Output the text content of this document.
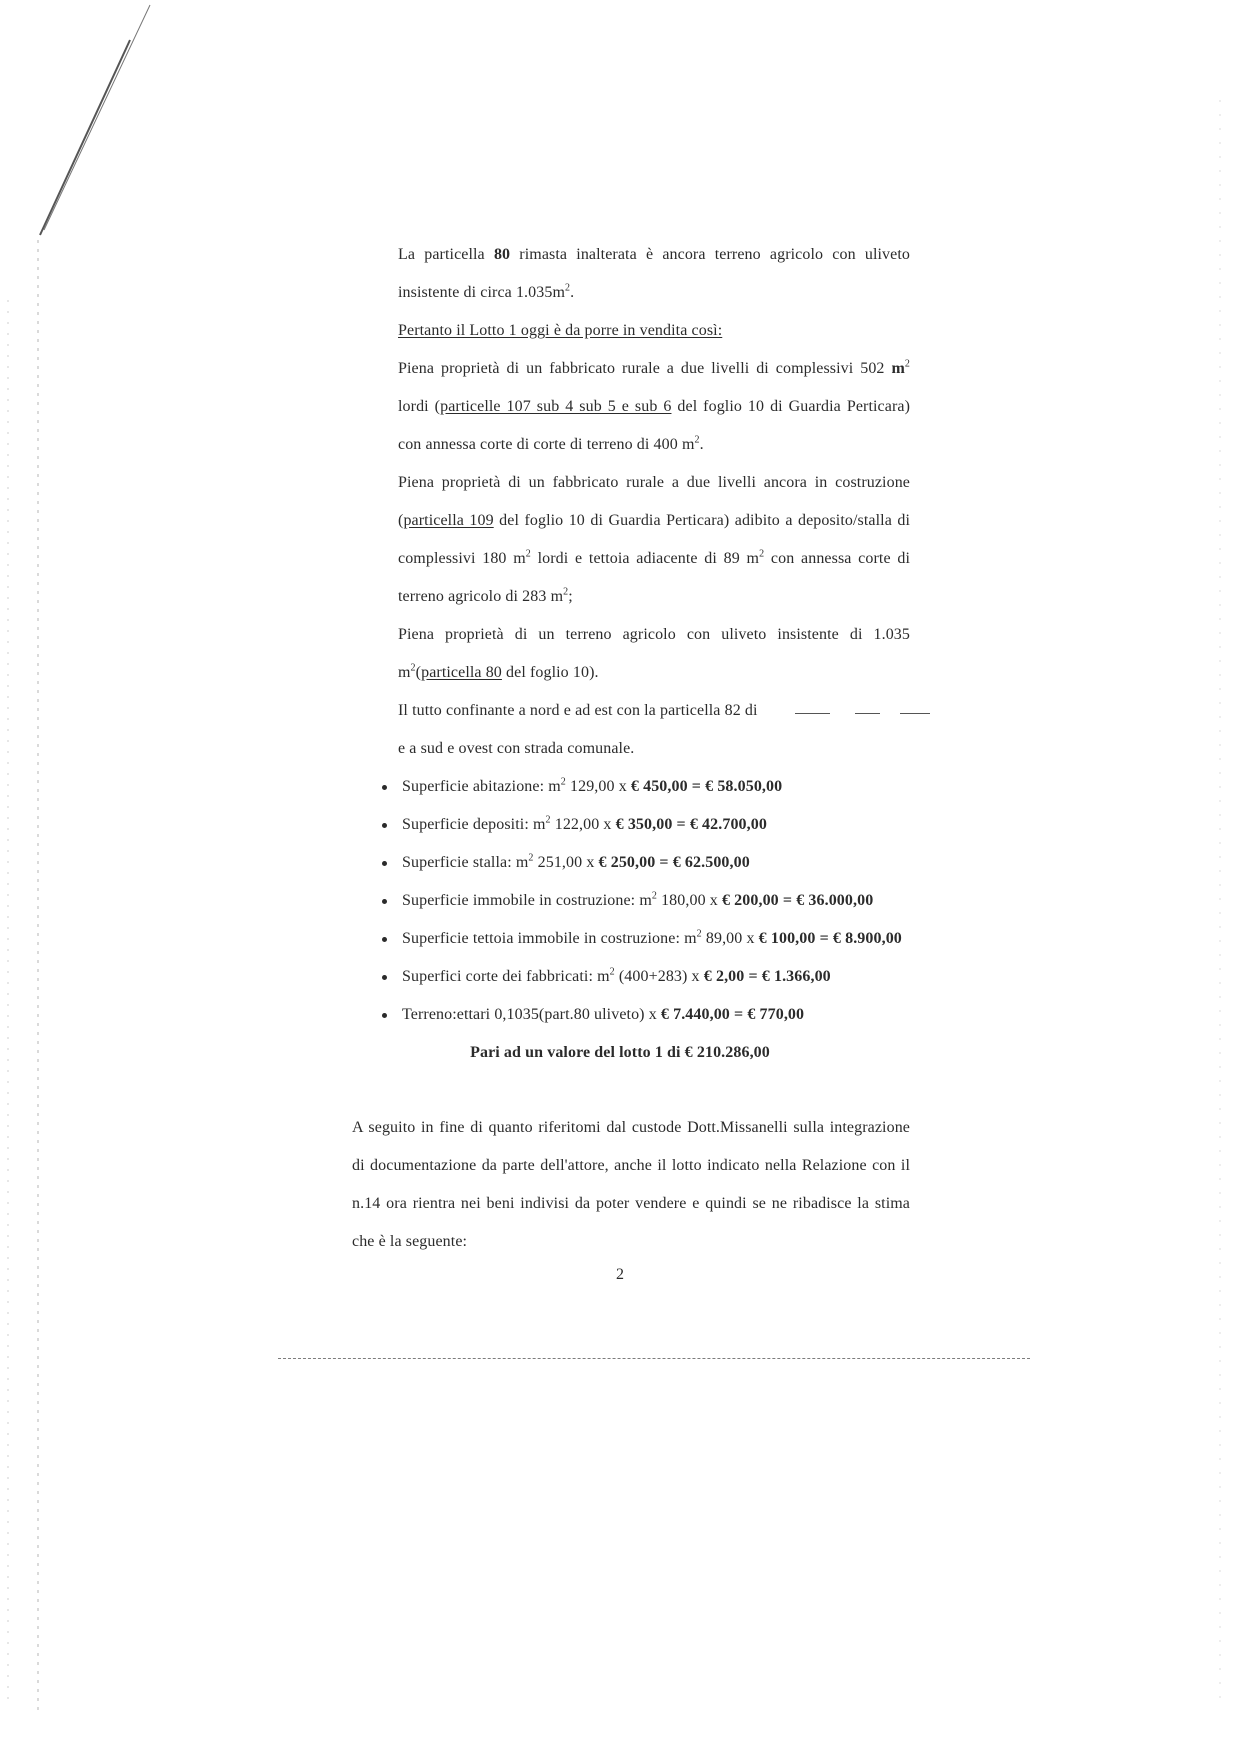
La particella 80 rimasta inalterata è ancora terreno agricolo con uliveto
insistente di circa $1.035m^2$.
Pertanto il Lotto 1 oggi è da porre in vendita così:
Piena proprietà di un fabbricato rurale a due livelli di complessivi 502 $m^2$
lordi (particelle 107 sub 4 sub 5 e sub 6 del foglio 10 di Guardia Perticara)
con annessa corte di corte di terreno di 400 $m^2$.
Piena proprietà di un fabbricato rurale a due livelli ancora in costruzione
(particella 109 del foglio 10 di Guardia Perticara) adibito a deposito/stalla di
complessivi 180 $m^2$ lordi e tettoia adiacente di 89 $m^2$ con annessa corte di
terreno agricolo di 283 $m^2$;
Piena proprietà di un terreno agricolo con uliveto insistente di 1.035
$m^2(particella$ 80 del foglio 10).
Il tutto confinante a nord e ad est con la particella 82 di
e a sud e ovest con strada comunale.
Superficie abitazione: $m^2$ 129,00 x € 450,00 = € 58.050,00
Superficie depositi: $m^2$ 122,00 x € 350,00 = € 42.700,00
Superficie stalla: $m^2$ 251,00 x € 250,00 = € 62.500,00
Superficie immobile in costruzione: $m^2$ 180,00 x € 200,00 = € 36.000,00
Superficie tettoia immobile in costruzione: $m^2$ 89,00 x € 100,00 = € 8.900,00
Superfici corte dei fabbricati: $m^2$ (400+283) x € 2,00 = € 1.366,00
Terreno:ettari 0,1035(part.80 uliveto) x € 7.440,00 = € 770,00
Pari ad un valore del lotto 1 di € 210.286,00
A seguito in fine di quanto riferitomi dal custode Dott.Missanelli sulla integrazione
di documentazione da parte dell'attore, anche il lotto indicato nella Relazione con il
n.14 ora rientra nei beni indivisi da poter vendere e quindi se ne ribadisce la stima
che è la seguente:
2
